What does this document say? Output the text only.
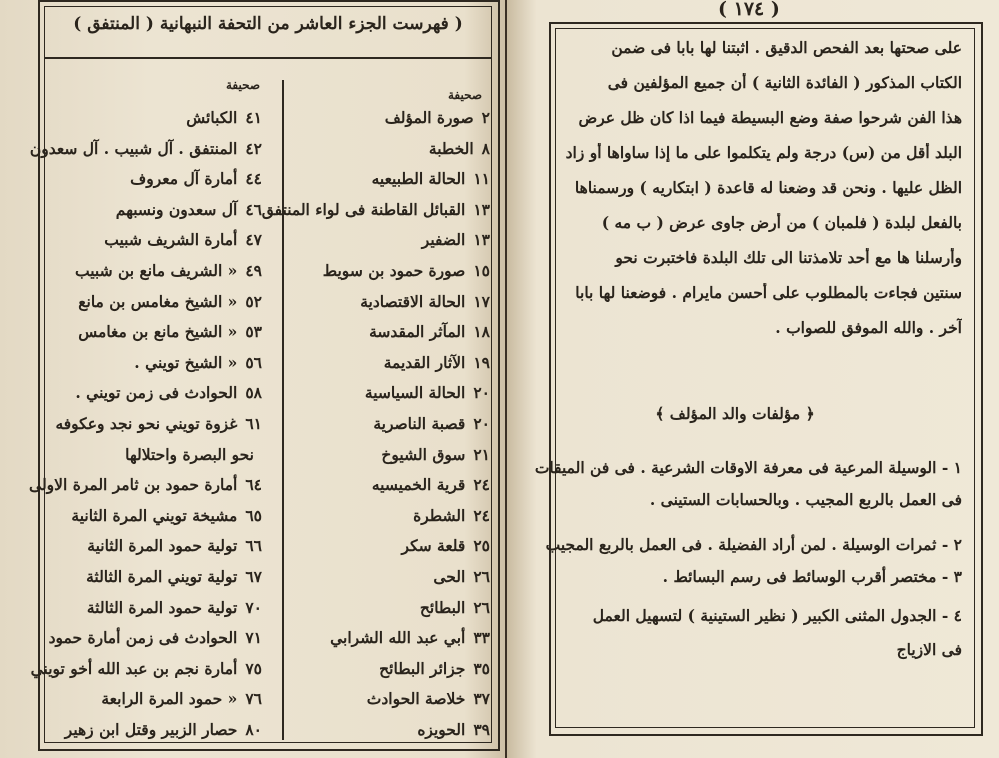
( فهرست الجزء العاشر من التحفة النبهانية ( المنتفق )
صحيفة
صحيفة
٢صورة المؤلف
٨الخطبة
١١الحالة الطبيعيه
١٣القبائل القاطنة فى لواء المنتفق
١٣الضفير
١٥صورة حمود بن سويط
١٧الحالة الاقتصادية
١٨المآثر المقدسة
١٩الآثار القديمة
٢٠الحالة السياسية
٢٠قصبة الناصرية
٢١سوق الشيوخ
٢٤قرية الخميسيه
٢٤الشطرة
٢٥قلعة سكر
٢٦الحى
٢٦البطائح
٣٣أبي عبد الله الشرابي
٣٥جزائر البطائح
٣٧خلاصة الحوادث
٣٩الحويزه
٤١الكبائش
٤٢المنتفق . آل شبيب . آل سعدون
٤٤أمارة آل معروف
٤٦آل سعدون ونسبهم
٤٧أمارة الشريف شبيب
٤٩« الشريف مانع بن شبيب
٥٢« الشيخ مغامس بن مانع
٥٣« الشيخ مانع بن مغامس
٥٦« الشيخ تويني .
٥٨الحوادث فى زمن تويني .
٦١غزوة تويني نحو نجد وعكوفه
نحو البصرة واحتلالها
٦٤أمارة حمود بن ثامر المرة الاولى
٦٥مشيخة تويني المرة الثانية
٦٦تولية حمود المرة الثانية
٦٧تولية تويني المرة الثالثة
٧٠تولية حمود المرة الثالثة
٧١الحوادث فى زمن أمارة حمود
٧٥أمارة نجم بن عبد الله أخو تويني
٧٦« حمود المرة الرابعة
٨٠حصار الزبير وقتل ابن زهير
( ١٧٤ )
على صحتها بعد الفحص الدقيق . اثبتنا لها بابا فى ضمن
الكتاب المذكور ( الفائدة الثانية ) أن جميع المؤلفين فى
هذا الفن شرحوا صفة وضع البسيطة فيما اذا كان ظل عرض
البلد أقل من (س) درجة ولم يتكلموا على ما إذا ساواها أو زاد
الظل عليها . ونحن قد وضعنا له قاعدة ( ابتكاريه ) ورسمناها
بالفعل لبلدة ( فلمبان ) من أرض جاوى عرض ( ب مه )
وأرسلنا ها مع أحد تلامذتنا الى تلك البلدة فاختبرت نحو
سنتين فجاءت بالمطلوب على أحسن مايرام . فوضعنا لها بابا
آخر . والله الموفق للصواب .
﴿ مؤلفات والد المؤلف ﴾
١ - الوسيلة المرعية فى معرفة الاوقات الشرعية . فى فن الميقات
فى العمل بالربع المجيب . وبالحسابات الستينى .
٢ - ثمرات الوسيلة . لمن أراد الفضيلة . فى العمل بالربع المجيب
٣ - مختصر أقرب الوسائط فى رسم البسائط .
٤ - الجدول المثنى الكبير ( نظير الستينية ) لتسهيل العمل
فى الازياج
